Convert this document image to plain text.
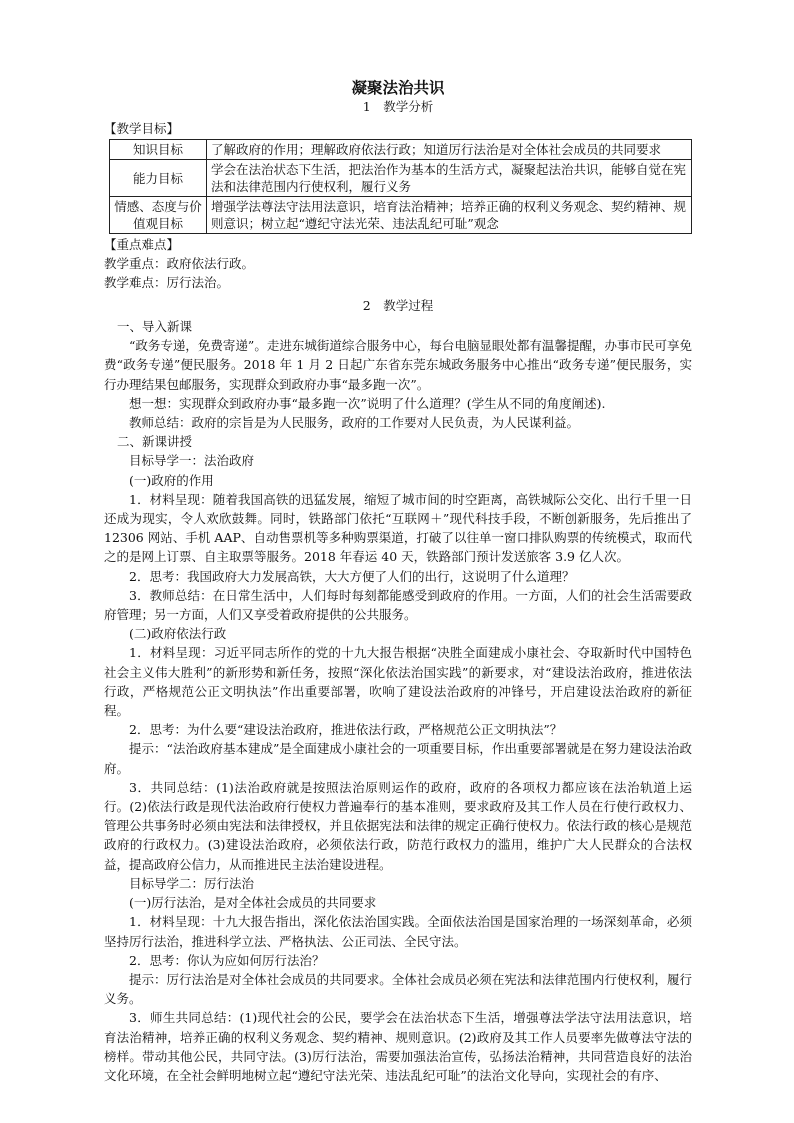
凝聚法治共识

1　教学分析

【教学目标】

知识目标	了解政府的作用；理解政府依法行政；知道厉行法治是对全体社会成员的共同要求
能力目标	学会在法治状态下生活，把法治作为基本的生活方式，凝聚起法治共识，能够自觉在宪法和法律范围内行使权利，履行义务
情感、态度与价值观目标	增强学法尊法守法用法意识，培育法治精神；培养正确的权利义务观念、契约精神、规则意识；树立起“遵纪守法光荣、违法乱纪可耻”观念

【重点难点】

教学重点：政府依法行政。

教学难点：厉行法治。

2　教学过程

一、导入新课

“政务专递，免费寄递”。走进东城街道综合服务中心，每台电脑显眼处都有温馨提醒，办事市民可享免费“政务专递”便民服务。2018 年 1 月 2 日起广东省东莞东城政务服务中心推出“政务专递”便民服务，实行办理结果包邮服务，实现群众到政府办事“最多跑一次”。

想一想：实现群众到政府办事“最多跑一次”说明了什么道理？(学生从不同的角度阐述).

教师总结：政府的宗旨是为人民服务，政府的工作要对人民负责，为人民谋利益。

二、新课讲授

目标导学一：法治政府

(一)政府的作用

1．材料呈现：随着我国高铁的迅猛发展，缩短了城市间的时空距离，高铁城际公交化、出行千里一日还成为现实，令人欢欣鼓舞。同时，铁路部门依托“互联网＋”现代科技手段，不断创新服务，先后推出了 12306 网站、手机 AAP、自动售票机等多种购票渠道，打破了以往单一窗口排队购票的传统模式，取而代之的是网上订票、自主取票等服务。2018 年春运 40 天，铁路部门预计发送旅客 3.9 亿人次。

2．思考：我国政府大力发展高铁，大大方便了人们的出行，这说明了什么道理？

3．教师总结：在日常生活中，人们每时每刻都能感受到政府的作用。一方面，人们的社会生活需要政府管理；另一方面，人们又享受着政府提供的公共服务。

(二)政府依法行政

1．材料呈现：习近平同志所作的党的十九大报告根据“决胜全面建成小康社会、夺取新时代中国特色社会主义伟大胜利”的新形势和新任务，按照“深化依法治国实践”的新要求，对“建设法治政府，推进依法行政，严格规范公正文明执法”作出重要部署，吹响了建设法治政府的冲锋号，开启建设法治政府的新征程。

2．思考：为什么要“建设法治政府，推进依法行政，严格规范公正文明执法”？

提示：“法治政府基本建成”是全面建成小康社会的一项重要目标，作出重要部署就是在努力建设法治政府。

3．共同总结：(1)法治政府就是按照法治原则运作的政府，政府的各项权力都应该在法治轨道上运行。(2)依法行政是现代法治政府行使权力普遍奉行的基本准则，要求政府及其工作人员在行使行政权力、管理公共事务时必须由宪法和法律授权，并且依据宪法和法律的规定正确行使权力。依法行政的核心是规范政府的行政权力。(3)建设法治政府，必须依法行政，防范行政权力的滥用，维护广大人民群众的合法权益，提高政府公信力，从而推进民主法治建设进程。

目标导学二：厉行法治

(一)厉行法治，是对全体社会成员的共同要求

1．材料呈现：十九大报告指出，深化依法治国实践。全面依法治国是国家治理的一场深刻革命，必须坚持厉行法治，推进科学立法、严格执法、公正司法、全民守法。

2．思考：你认为应如何厉行法治？

提示：厉行法治是对全体社会成员的共同要求。全体社会成员必须在宪法和法律范围内行使权利，履行义务。

3．师生共同总结：(1)现代社会的公民，要学会在法治状态下生活，增强尊法学法守法用法意识，培育法治精神，培养正确的权利义务观念、契约精神、规则意识。(2)政府及其工作人员要率先做尊法守法的榜样。带动其他公民，共同守法。(3)厉行法治，需要加强法治宣传，弘扬法治精神，共同营造良好的法治文化环境，在全社会鲜明地树立起“遵纪守法光荣、违法乱纪可耻”的法治文化导向，实现社会的有序、
